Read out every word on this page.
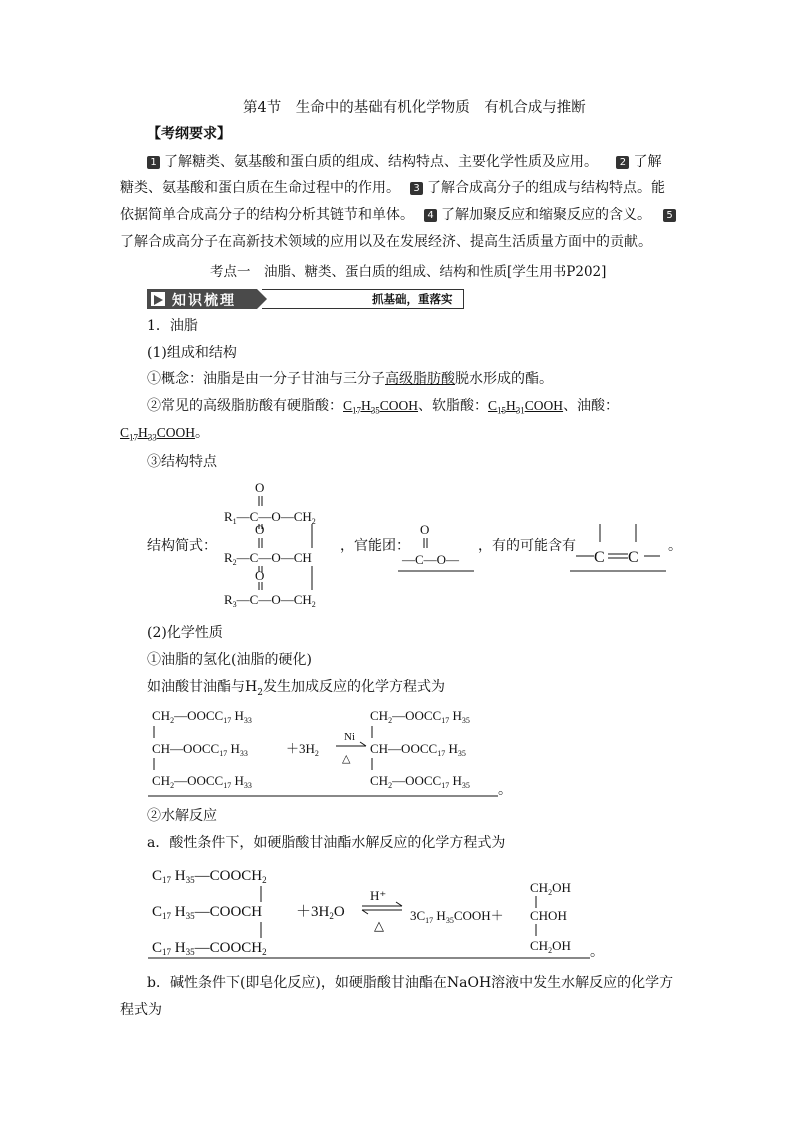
第4节　生命中的基础有机化学物质　有机合成与推断
【考纲要求】
1 了解糖类、氨基酸和蛋白质的组成、结构特点、主要化学性质及应用。 2 了解
糖类、氨基酸和蛋白质在生命过程中的作用。 3 了解合成高分子的组成与结构特点。能
依据简单合成高分子的结构分析其链节和单体。 4 了解加聚反应和缩聚反应的含义。 5
了解合成高分子在高新技术领域的应用以及在发展经济、提高生活质量方面中的贡献。
考点一　油脂、糖类、蛋白质的组成、结构和性质[学生用书P202]
知识梳理	抓基础，重落实
1．油脂
(1)组成和结构
①概念：油脂是由一分子甘油与三分子高级脂肪酸脱水形成的酯。
②常见的高级脂肪酸有硬脂酸：$C_{17}H_{35}COOH$、软脂酸：$C_{15}H_{31}COOH$、油酸：
$C_{17}H_{33}COOH$。
③结构特点
结构简式：
O
$R_1—C—O—CH_2$
O
$R_2—C—O—CH$
O
$R_3—C—O—CH_2$
，官能团：
O
—C—O—
，有的可能含有
C C
。
(2)化学性质
①油脂的氢化(油脂的硬化)
如油酸甘油酯与$H_2$发生加成反应的化学方程式为
$CH_2—OOCC_{17}$ $H_{33}$
$CH—OOCC_{17}$ $H_{33}$
$CH_2—OOCC_{17}$ $H_{33}$
$+3H_2$
Ni
△
$CH_2—OOCC_{17}$ $H_{35}$
$CH—OOCC_{17}$ $H_{35}$
$CH_2—OOCC_{17}$ $H_{35}$ 。
②水解反应
a．酸性条件下，如硬脂酸甘油酯水解反应的化学方程式为
$C_{17}$ $H_{35}—COOCH_2$
$C_{17}$ $H_{35}—COOCH$
$C_{17}$ $H_{35}—COOCH_2$
$+3H_2O$
H⁺
△
$3C_{17}$ $H_{35}COOH+$
$CH_2OH$
CHOH
$CH_2OH$ 。
b．碱性条件下(即皂化反应)，如硬脂酸甘油酯在NaOH溶液中发生水解反应的化学方
程式为
